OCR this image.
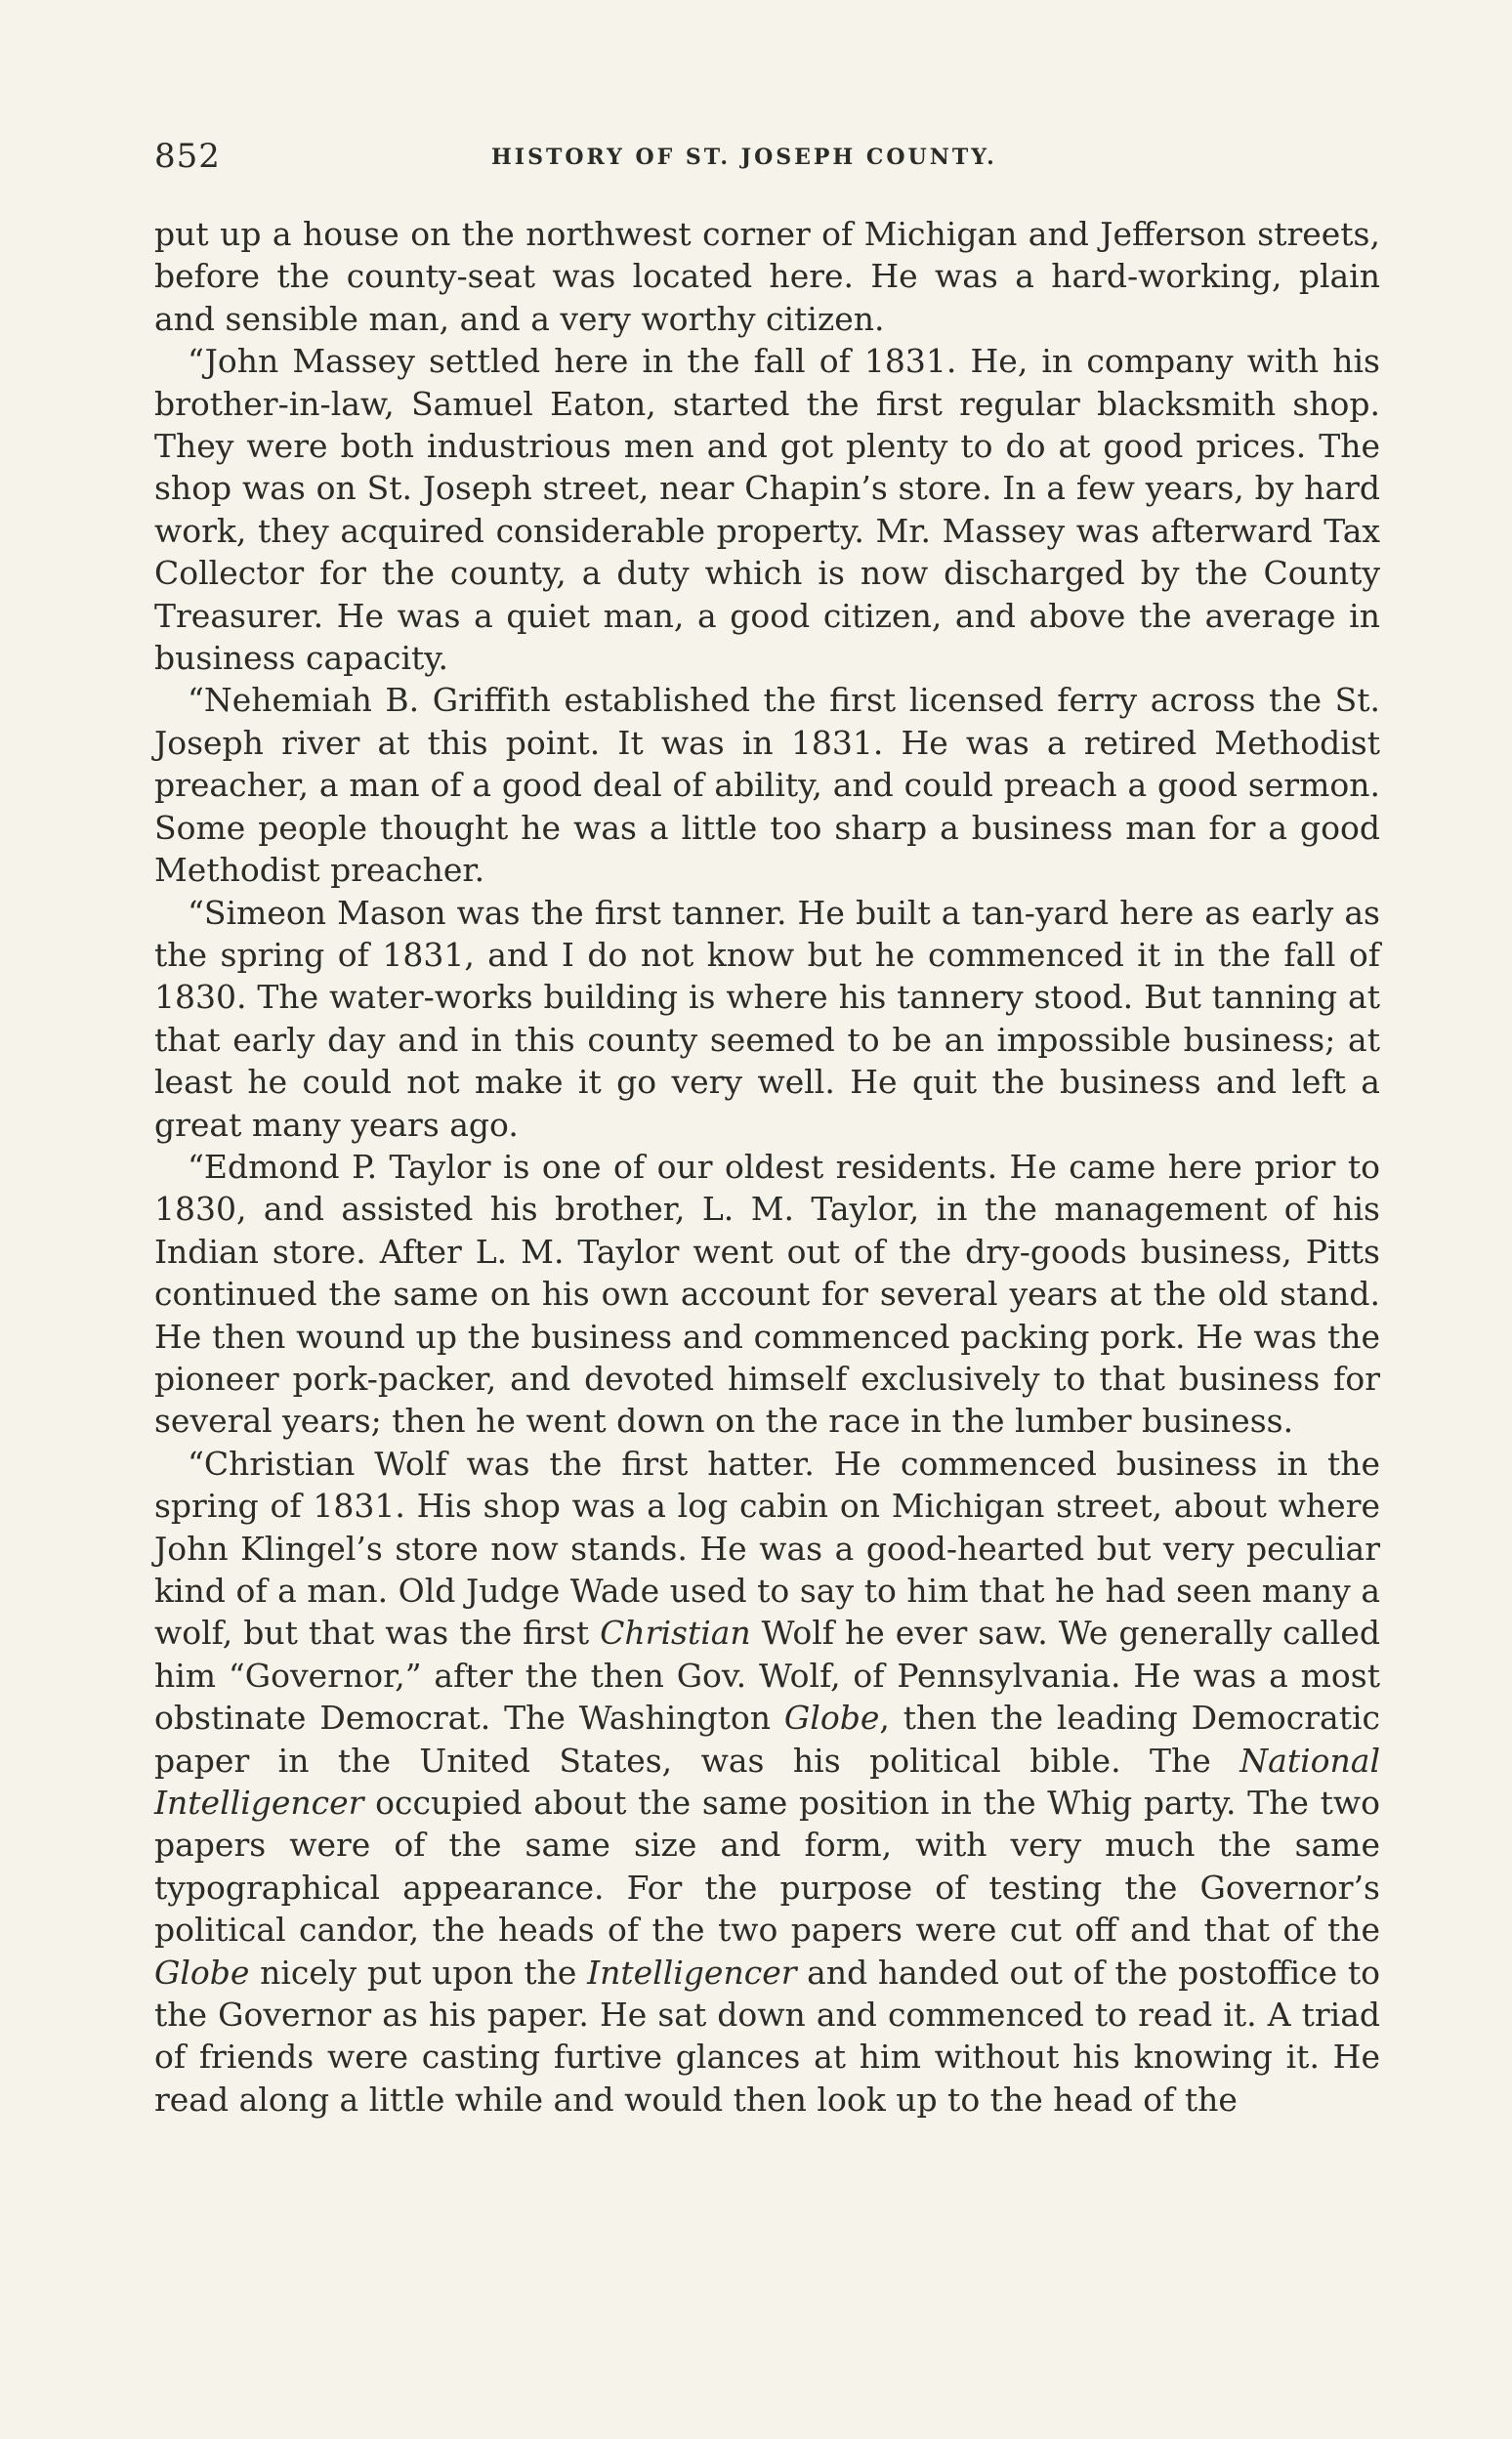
852	HISTORY OF ST. JOSEPH COUNTY.

put up a house on the northwest corner of Michigan and Jefferson streets, before the county-seat was located here. He was a hard-working, plain and sensible man, and a very worthy citizen.

“John Massey settled here in the fall of 1831. He, in company with his brother-in-law, Samuel Eaton, started the first regular blacksmith shop. They were both industrious men and got plenty to do at good prices. The shop was on St. Joseph street, near Chapin’s store. In a few years, by hard work, they acquired considerable property. Mr. Massey was afterward Tax Collector for the county, a duty which is now discharged by the County Treasurer. He was a quiet man, a good citizen, and above the average in business capacity.

“Nehemiah B. Griffith established the first licensed ferry across the St. Joseph river at this point. It was in 1831. He was a retired Methodist preacher, a man of a good deal of ability, and could preach a good sermon. Some people thought he was a little too sharp a business man for a good Methodist preacher.

“Simeon Mason was the first tanner. He built a tan-yard here as early as the spring of 1831, and I do not know but he commenced it in the fall of 1830. The water-works building is where his tannery stood. But tanning at that early day and in this county seemed to be an impossible business; at least he could not make it go very well. He quit the business and left a great many years ago.

“Edmond P. Taylor is one of our oldest residents. He came here prior to 1830, and assisted his brother, L. M. Taylor, in the management of his Indian store. After L. M. Taylor went out of the dry-goods business, Pitts continued the same on his own account for several years at the old stand. He then wound up the business and commenced packing pork. He was the pioneer pork-packer, and devoted himself exclusively to that business for several years; then he went down on the race in the lumber business.

“Christian Wolf was the first hatter. He commenced business in the spring of 1831. His shop was a log cabin on Michigan street, about where John Klingel’s store now stands. He was a good-hearted but very peculiar kind of a man. Old Judge Wade used to say to him that he had seen many a wolf, but that was the first Christian Wolf he ever saw. We generally called him “Governor,” after the then Gov. Wolf, of Pennsylvania. He was a most obstinate Democrat. The Washington Globe, then the leading Democratic paper in the United States, was his political bible. The National Intelligencer occupied about the same position in the Whig party. The two papers were of the same size and form, with very much the same typographical appearance. For the purpose of testing the Governor’s political candor, the heads of the two papers were cut off and that of the Globe nicely put upon the Intelligencer and handed out of the postoffice to the Governor as his paper. He sat down and commenced to read it. A triad of friends were casting furtive glances at him without his knowing it. He read along a little while and would then look up to the head of the
